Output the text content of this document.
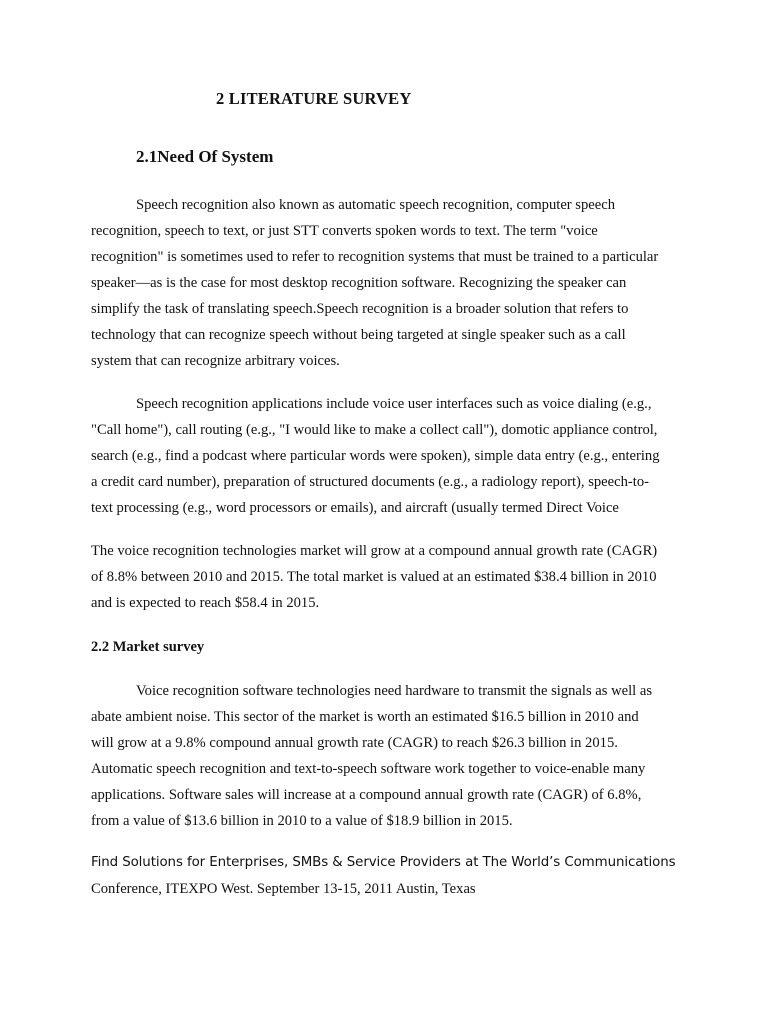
2 LITERATURE SURVEY
2.1Need Of System
Speech recognition also known as automatic speech recognition, computer speech
recognition, speech to text, or just STT converts spoken words to text. The term "voice
recognition" is sometimes used to refer to recognition systems that must be trained to a particular
speaker—as is the case for most desktop recognition software. Recognizing the speaker can
simplify the task of translating speech.Speech recognition is a broader solution that refers to
technology that can recognize speech without being targeted at single speaker such as a call
system that can recognize arbitrary voices.
Speech recognition applications include voice user interfaces such as voice dialing (e.g.,
"Call home"), call routing (e.g., "I would like to make a collect call"), domotic appliance control,
search (e.g., find a podcast where particular words were spoken), simple data entry (e.g., entering
a credit card number), preparation of structured documents (e.g., a radiology report), speech-to-
text processing (e.g., word processors or emails), and aircraft (usually termed Direct Voice
The voice recognition technologies market will grow at a compound annual growth rate (CAGR)
of 8.8% between 2010 and 2015. The total market is valued at an estimated $38.4 billion in 2010
and is expected to reach $58.4 in 2015.
2.2 Market survey
Voice recognition software technologies need hardware to transmit the signals as well as
abate ambient noise. This sector of the market is worth an estimated $16.5 billion in 2010 and
will grow at a 9.8% compound annual growth rate (CAGR) to reach $26.3 billion in 2015.
Automatic speech recognition and text-to-speech software work together to voice-enable many
applications. Software sales will increase at a compound annual growth rate (CAGR) of 6.8%,
from a value of $13.6 billion in 2010 to a value of $18.9 billion in 2015.
Find Solutions for Enterprises, SMBs & Service Providers at The World’s Communications
Conference, ITEXPO West. September 13-15, 2011 Austin, Texas
